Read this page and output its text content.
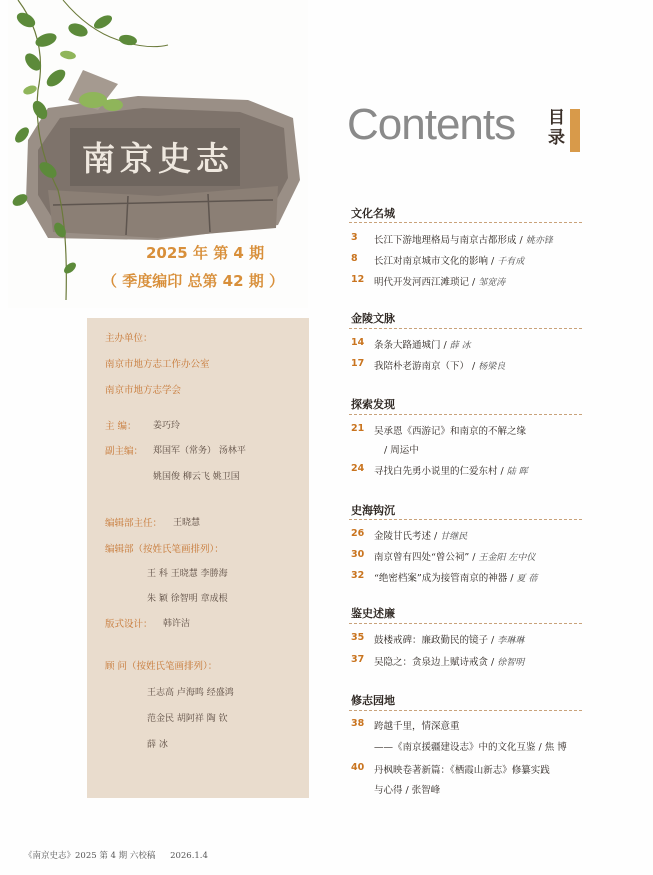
南京史志
2025 年 第 4 期
（ 季度编印 总第 42 期 ）
主办单位：
南京市地方志工作办公室
南京市地方志学会
主 编： 姜巧玲
副主编： 郑国军（常务） 汤林平
姚国俊 柳云飞 姚卫国
编辑部主任： 王晓慧
编辑部（按姓氏笔画排列）：
王 科 王晓慧 李勝海
朱 颖 徐智明 章成根
版式设计： 韩许洁
顾 问（按姓氏笔画排列）：
王志高 卢海鸣 经盛鸿
范金民 胡阿祥 陶 钦
薛 冰
Contents 目
录
文化名城
3 长江下游地理格局与南京古都形成 / 姚亦锋
8 长江对南京城市文化的影响 / 千有成
12 明代开发河西江滩琐记 / 邹宽涛
金陵文脉
14 条条大路通城门 / 薛 冰
17 我陪朴老游南京（下） / 杨梁良
探索发现
21 吴承恩《西游记》和南京的不解之缘
/ 周运中
24 寻找白先勇小说里的仁爱东村 / 陆 晖
史海钩沉
26 金陵甘氏考述 / 甘继民
30 南京曾有四处“曾公祠” / 王金阳 左中仪
32 “绝密档案”成为接管南京的神器 / 夏 蓓
鉴史述廉
35 鼓楼戒碑：廉政勤民的镜子 / 李琳琳
37 吴隐之：贪泉边上赋诗戒贪 / 徐智明
修志园地
38 跨越千里，情深意重
——《南京援疆建设志》中的文化互鉴 / 焦 博
40 丹枫映卷著新篇：《栖霞山新志》修纂实践
与心得 / 张智峰
《南京史志》2025 第 4 期 六校稿 2026.1.4
